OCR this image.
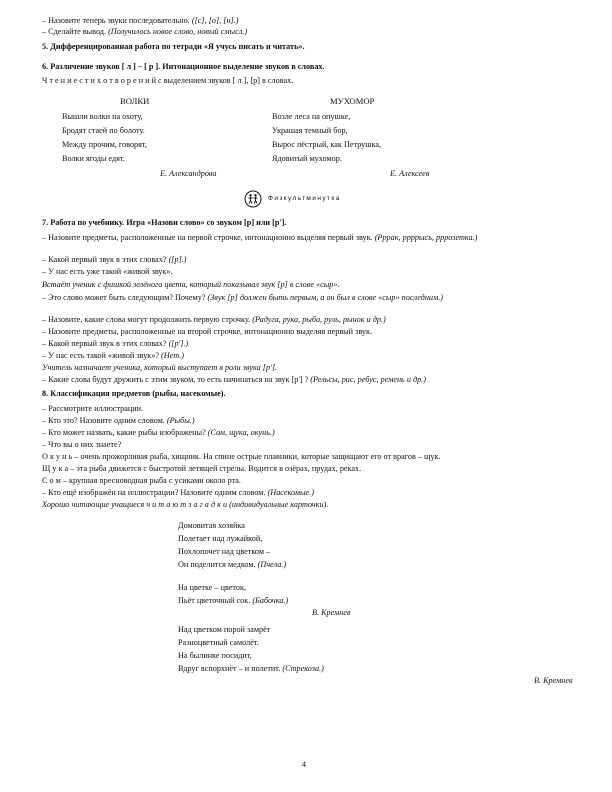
– Назовите теперь звуки последовательно. ([с], [о], [н].)
– Сделайте вывод. (Получилось новое слово, новый смысл.)
5. Дифференцированная работа по тетради «Я учусь писать и читать».
6. Различение звуков [ л ] – [ р ]. Интонационное выделение звуков в словах.
Ч т е н и е с т и х о т в о р е н и й с выделением звуков [ л ], [р] в словах.
ВОЛКИ	МУХОМОР
Вышли волки на охоту,
Бродят стаей по болоту.
Между прочим, говорят,
Волки ягоды едят.
Е. Александрова
Возле леса на опушке,
Украшая темный бор,
Вырос пёстрый, как Петрушка,
Ядовитый мухомор.
Е. Алексеев
Физкультминутка
7. Работа по учебнику. Игра «Назови слово» со звуком [р] или [р'].
– Назовите предметы, расположенные на первой строчке, интонационно выделяя первый звук. (Рррак, ррррысь, рррозетка.)
– Какой первый звук в этих словах? ([р].)
– У нас есть уже такой «живой звук».
Встаёт ученик с фишкой зелёного цвета, который показывал звук [р] в слове «сыр».
– Это слово может быть следующим? Почему? (Звук [р] должен быть первым, а он был в слове «сыр» последним.)
– Назовите, какие слова могут продолжить первую строчку. (Радуга, рука, рыба, руль, рынок и др.)
– Назовите предметы, расположенные на второй строчке, интонационно выделяя первый звук.
– Какой первый звук в этих словах? ([р'].)
– У нас есть такой «живой звук»? (Нет.)
Учитель назначает ученика, который выступает в роли звука [р'].
– Какие слова будут дружить с этим звуком, то есть начинаться на звук [р'] ? (Рельсы, рис, ребус, ремень и др.)
8. Классификация предметов (рыбы, насекомые).
– Рассмотрите иллюстрации.
– Кто это? Назовите одним словом. (Рыбы.)
– Кто может назвать, какие рыбы изображены? (Сом, щука, окунь.)
– Что вы о них знаете?
О к у н ь – очень прожорливая рыба, хищник. На спине острые плавники, которые защищают его от врагов – щук.
Щ у к а – эта рыба движется с быстротой летящей стрелы. Водится в озёрах, прудах, реках.
С о м – крупная пресноводная рыба с усиками около рта.
– Кто ещё изображён на иллюстрации? Назовите одним словом. (Насекомые.)
Хорошо читающие учащиеся ч и т а ю т з а г а д к и (индивидуальные карточки).
Домовитая хозяйка
Полетает над лужайкой,
Похлопочет над цветком –
Он поделится медком. (Пчела.)
На цветке – цветок,
Пьёт цветочный сок. (Бабочка.)
В. Кремнев
Над цветком порой замрёт
Разноцветный самолёт.
На былинке посидит,
Вдруг вспорхнёт – и полетит. (Стрекоза.)
В. Кремнев
4
